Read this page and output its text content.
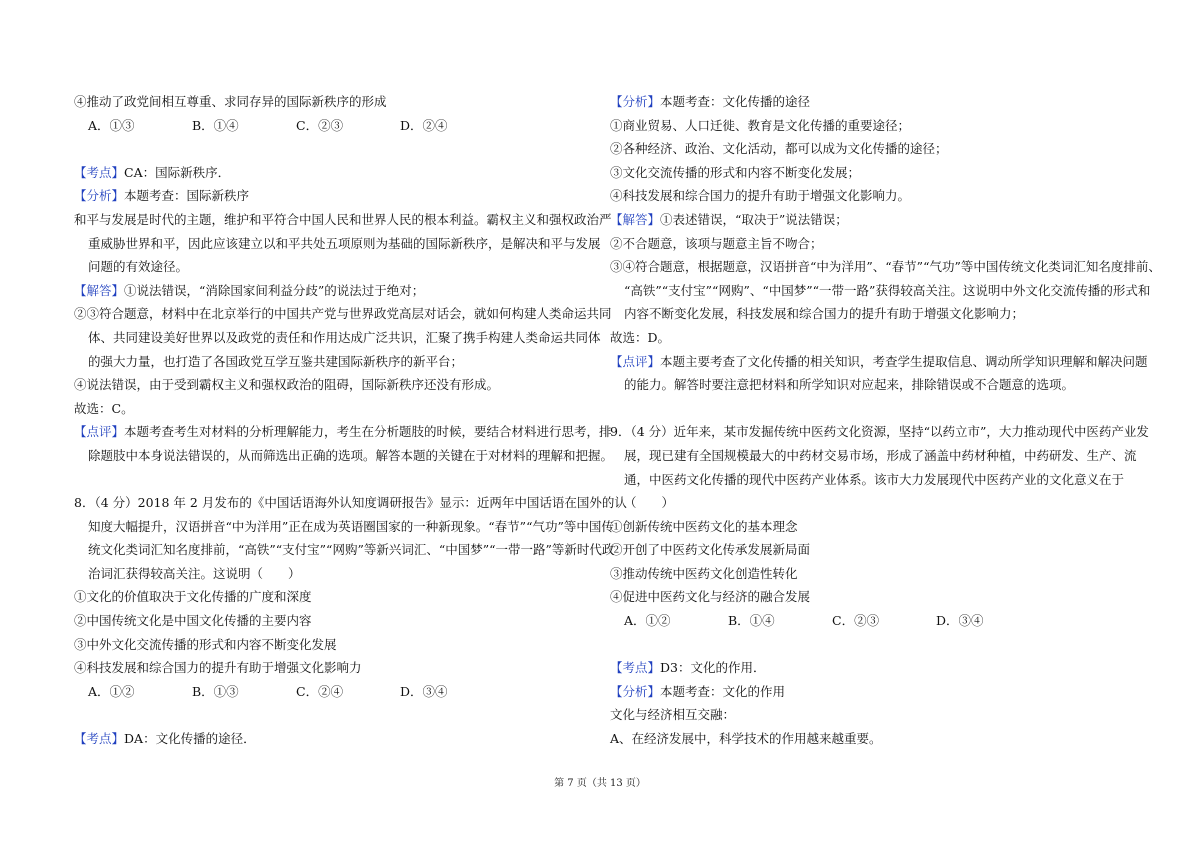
④推动了政党间相互尊重、求同存异的国际新秩序的形成
A．①③	B．①④	C．②③	D．②④
【考点】CA：国际新秩序．
【分析】本题考查：国际新秩序
和平与发展是时代的主题，维护和平符合中国人民和世界人民的根本利益。霸权主义和强权政治严
重威胁世界和平，因此应该建立以和平共处五项原则为基础的国际新秩序，是解决和平与发展
问题的有效途径。
【解答】①说法错误，“消除国家间利益分歧”的说法过于绝对；
②③符合题意，材料中在北京举行的中国共产党与世界政党高层对话会，就如何构建人类命运共同
体、共同建设美好世界以及政党的责任和作用达成广泛共识，汇聚了携手构建人类命运共同体
的强大力量，也打造了各国政党互学互鉴共建国际新秩序的新平台；
④说法错误，由于受到霸权主义和强权政治的阻碍，国际新秩序还没有形成。
故选：C。
【点评】本题考查考生对材料的分析理解能力，考生在分析题肢的时候，要结合材料进行思考，排
除题肢中本身说法错误的，从而筛选出正确的选项。解答本题的关键在于对材料的理解和把握。
8．（4 分）2018 年 2 月发布的《中国话语海外认知度调研报告》显示：近两年中国话语在国外的认
知度大幅提升，汉语拼音“中为洋用”正在成为英语圈国家的一种新现象。“春节”“气功”等中国传
统文化类词汇知名度排前，“高铁”“支付宝”“网购”等新兴词汇、“中国梦”“一带一路”等新时代政
治词汇获得较高关注。这说明（　　）
①文化的价值取决于文化传播的广度和深度
②中国传统文化是中国文化传播的主要内容
③中外文化交流传播的形式和内容不断变化发展
④科技发展和综合国力的提升有助于增强文化影响力
A．①②	B．①③	C．②④	D．③④
【考点】DA：文化传播的途径．
【分析】本题考查：文化传播的途径
①商业贸易、人口迁徙、教育是文化传播的重要途径；
②各种经济、政治、文化活动，都可以成为文化传播的途径；
③文化交流传播的形式和内容不断变化发展；
④科技发展和综合国力的提升有助于增强文化影响力。
【解答】①表述错误，“取决于”说法错误；
②不合题意，该项与题意主旨不吻合；
③④符合题意，根据题意，汉语拼音“中为洋用”、“春节”“气功”等中国传统文化类词汇知名度排前、
“高铁”“支付宝”“网购”、“中国梦”“一带一路”获得较高关注。这说明中外文化交流传播的形式和
内容不断变化发展，科技发展和综合国力的提升有助于增强文化影响力；
故选：D。
【点评】本题主要考查了文化传播的相关知识，考查学生提取信息、调动所学知识理解和解决问题
的能力。解答时要注意把材料和所学知识对应起来，排除错误或不合题意的选项。
9．（4 分）近年来，某市发掘传统中医药文化资源，坚持“以药立市”，大力推动现代中医药产业发
展，现已建有全国规模最大的中药材交易市场，形成了涵盖中药材种植，中药研发、生产、流
通，中医药文化传播的现代中医药产业体系。该市大力发展现代中医药产业的文化意义在于
（　　）
①创新传统中医药文化的基本理念
②开创了中医药文化传承发展新局面
③推动传统中医药文化创造性转化
④促进中医药文化与经济的融合发展
A．①②	B．①④	C．②③	D．③④
【考点】D3：文化的作用．
【分析】本题考查：文化的作用
文化与经济相互交融：
A、在经济发展中，科学技术的作用越来越重要。
第 7 页（共 13 页）
